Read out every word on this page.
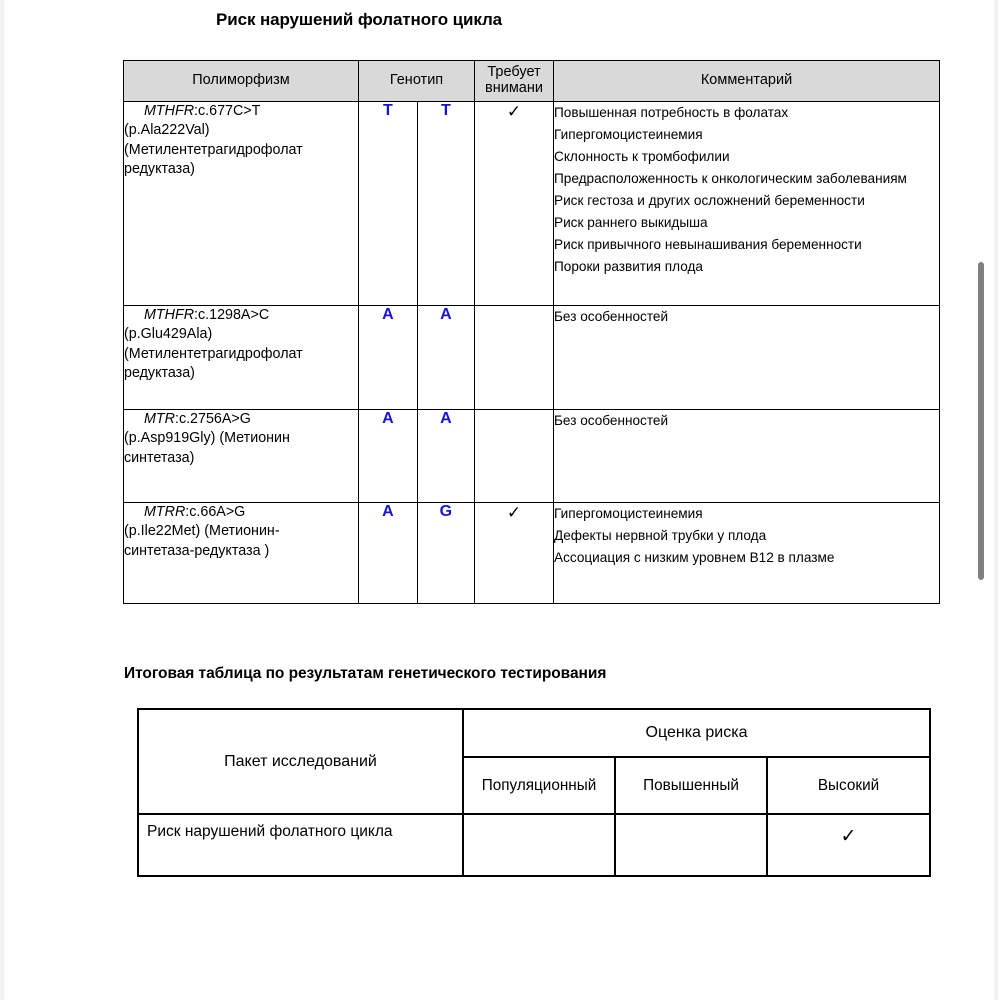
Риск нарушений фолатного цикла
Полиморфизм	Генотип		Требует внимани	Комментарий
MTHFR:c.677C>T
(p.Ala222Val)
(Метилентетрагидрофолат
редуктаза)
	T	T	✓	Повышенная потребность в фолатах
Гипергомоцистеинемия
Склонность к тромбофилии
Предрасположенность к онкологическим заболеваниям
Риск гестоза и других осложнений беременности
Риск раннего выкидыша
Риск привычного невынашивания беременности
Пороки развития плода

MTHFR:c.1298A>C
(p.Glu429Ala)
(Метилентетрагидрофолат
редуктаза)	A	A		Без особенностей

MTR:c.2756A>G
(p.Asp919Gly) (Метионин
синтетаза)	A	A		Без особенностей

MTRR:c.66A>G
(p.Ile22Met) (Метионин-
синтетаза-редуктаза )
	A	G	✓	Гипергомоцистеинемия
Дефекты нервной трубки у плода
Ассоциация с низким уровнем B12 в плазме
Итоговая таблица по результатам генетического тестирования
Пакет исследований	Оценка риска		
	Популяционный	Повышенный	Высокий
Риск нарушений фолатного цикла			✓
